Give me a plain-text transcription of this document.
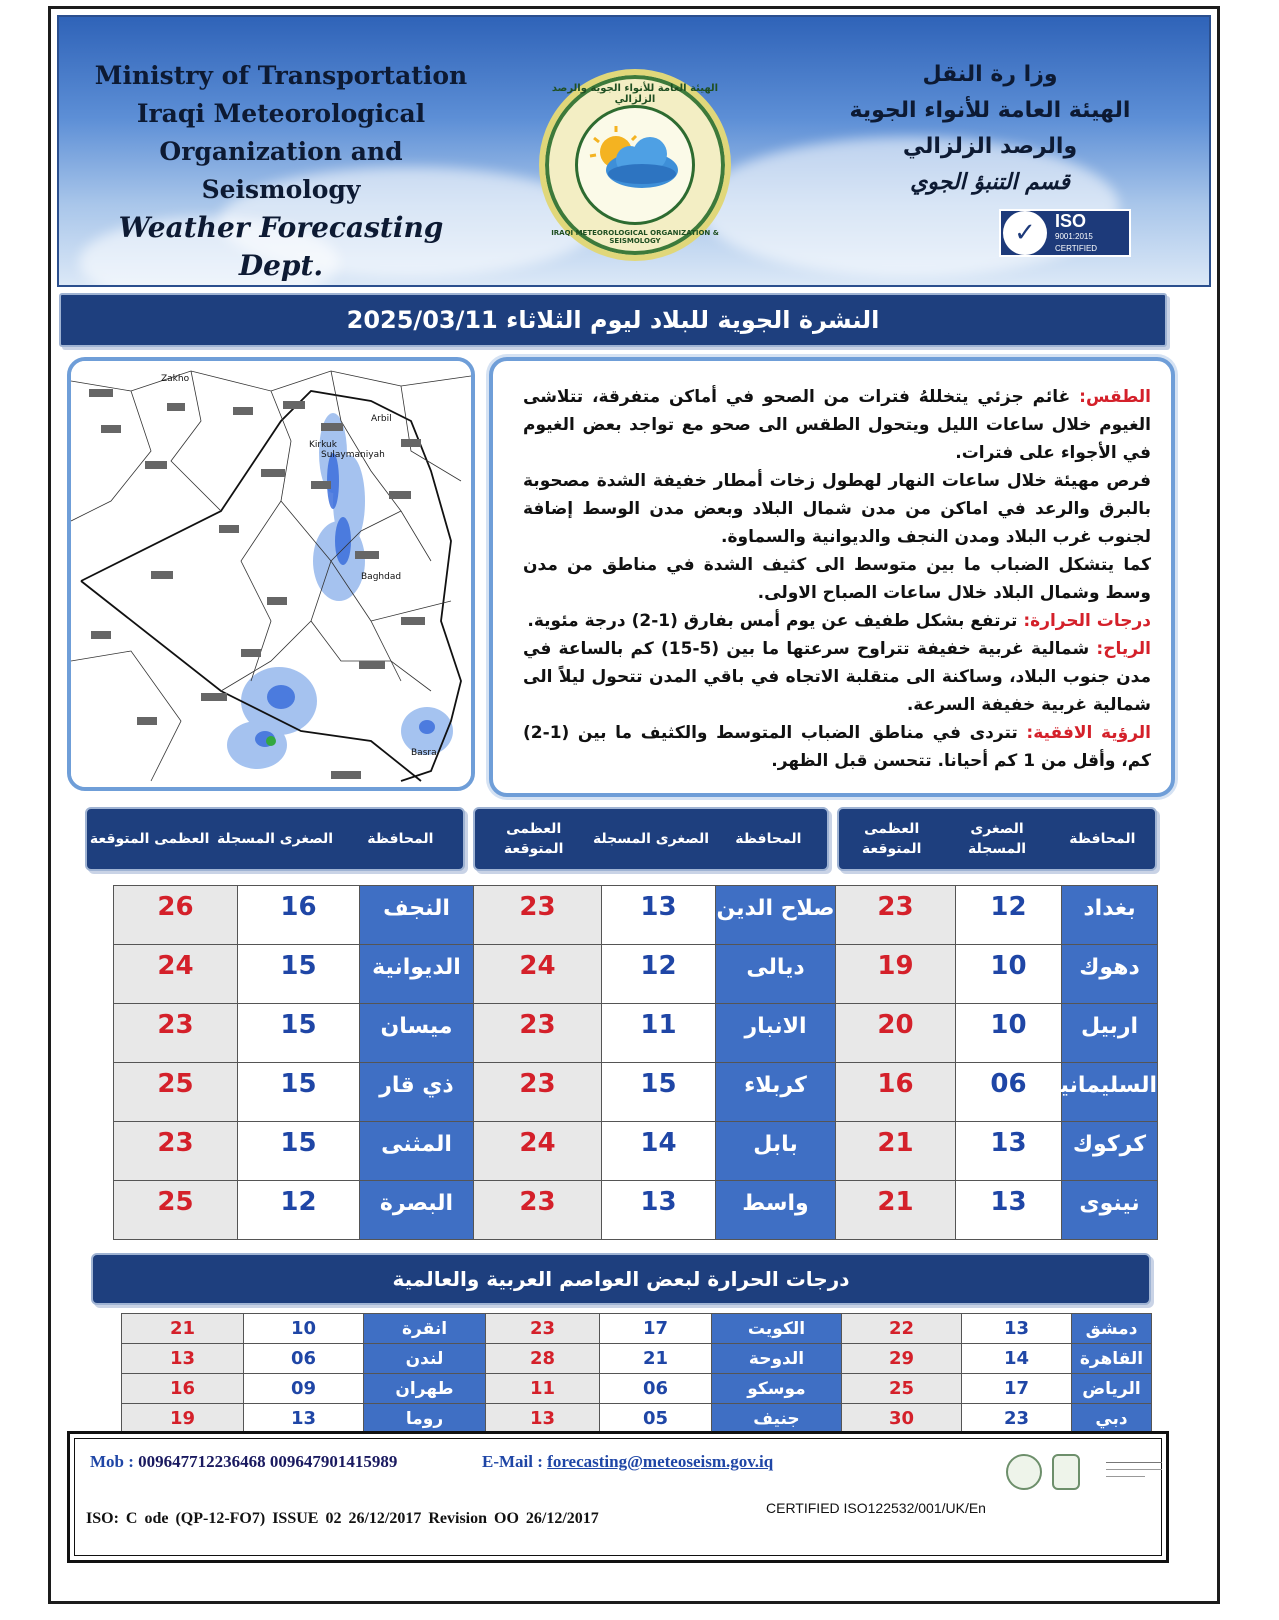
Ministry of Transportation
Iraqi Meteorological
Organization and Seismology
Weather Forecasting Dept.
الهيئة العامة للأنواء الجوية والرصد الزلزالي
IRAQI METEOROLOGICAL ORGANIZATION & SEISMOLOGY
وزا رة النقل
الهيئة العامة للأنواء الجوية
والرصد الزلزالي
قسم التنبؤ الجوي
✓	ISO
9001:2015
CERTIFIED
النشرة الجوية للبلاد ليوم الثلاثاء 2025/03/11
Kirkuk
Zakho
Arbil
Sulaymaniyah
Baghdad
Basra

الطقس: غائم جزئي يتخللهُ فترات من الصحو في أماكن متفرقة، تتلاشى الغيوم خلال ساعات الليل ويتحول الطقس الى صحو مع تواجد بعض الغيوم في الأجواء على فترات.

فرص مهيئة خلال ساعات النهار لهطول زخات أمطار خفيفة الشدة مصحوبة بالبرق والرعد في اماكن من مدن شمال البلاد وبعض مدن الوسط إضافة لجنوب غرب البلاد ومدن النجف والديوانية والسماوة.

كما يتشكل الضباب ما بين متوسط الى كثيف الشدة في مناطق من مدن وسط وشمال البلاد خلال ساعات الصباح الاولى.

درجات الحرارة: ترتفع بشكل طفيف عن يوم أمس بفارق (1-2) درجة مئوية.

الرياح: شمالية غربية خفيفة تتراوح سرعتها ما بين (5-15) كم بالساعة في مدن جنوب البلاد، وساكنة الى متقلبة الاتجاه في باقي المدن تتحول ليلاً الى شمالية غربية خفيفة السرعة.

الرؤية الافقية: تتردى في مناطق الضباب المتوسط والكثيف ما بين (1-2) كم، وأقل من 1 كم أحيانا. تتحسن قبل الظهر.

المحافظة
الصغرى المسجلة
العظمى المتوقعة
المحافظة
الصغرى المسجلة
العظمى المتوقعة
المحافظة
الصغرى المسجلة
العظمى المتوقعة
بغداد	12	23	صلاح الدين	13	23	النجف	16	26
دهوك	10	19	ديالى	12	24	الديوانية	15	24
اربيل	10	20	الانبار	11	23	ميسان	15	23
السليمانية	06	16	كربلاء	15	23	ذي قار	15	25
كركوك	13	21	بابل	14	24	المثنى	15	23
نينوى	13	21	واسط	13	23	البصرة	12	25
درجات الحرارة لبعض العواصم العربية والعالمية
دمشق	13	22	الكويت	17	23	انقرة	10	21
القاهرة	14	29	الدوحة	21	28	لندن	06	13
الرياض	17	25	موسكو	06	11	طهران	09	16
دبي	23	30	جنيف	05	13	روما	13	19
Mob : 009647712236468 009647901415989	E-Mail : forecasting@meteoseism.gov.iq
CERTIFIED ISO122532/001/UK/En
ISO: C ode (QP-12-FO7) ISSUE 02 26/12/2017 Revision OO 26/12/2017
